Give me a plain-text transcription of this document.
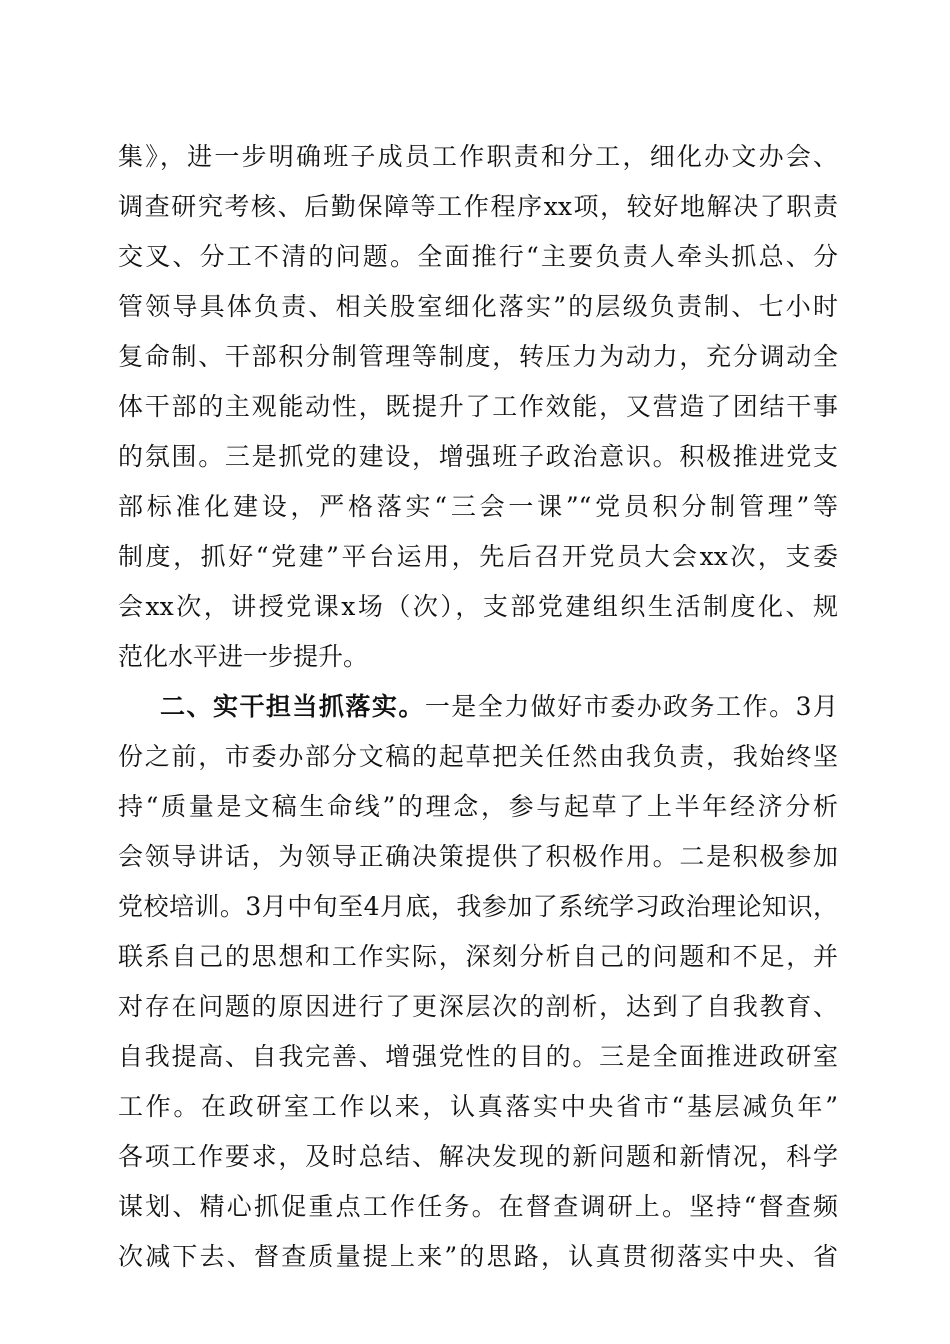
集》，进一步明确班子成员工作职责和分工，细化办文办会、
调查研究考核、后勤保障等工作程序xx项，较好地解决了职责
交叉、分工不清的问题。全面推行“主要负责人牵头抓总、分
管领导具体负责、相关股室细化落实”的层级负责制、七小时
复命制、干部积分制管理等制度，转压力为动力，充分调动全
体干部的主观能动性，既提升了工作效能，又营造了团结干事
的氛围。三是抓党的建设，增强班子政治意识。积极推进党支
部标准化建设，严格落实“三会一课”“党员积分制管理”等
制度，抓好“党建”平台运用，先后召开党员大会xx次，支委
会xx次，讲授党课x场（次），支部党建组织生活制度化、规
范化水平进一步提升。
二、实干担当抓落实。一是全力做好市委办政务工作。3月
份之前，市委办部分文稿的起草把关任然由我负责，我始终坚
持“质量是文稿生命线”的理念，参与起草了上半年经济分析
会领导讲话，为领导正确决策提供了积极作用。二是积极参加
党校培训。3月中旬至4月底，我参加了系统学习政治理论知识，
联系自己的思想和工作实际，深刻分析自己的问题和不足，并
对存在问题的原因进行了更深层次的剖析，达到了自我教育、
自我提高、自我完善、增强党性的目的。三是全面推进政研室
工作。在政研室工作以来，认真落实中央省市“基层减负年”
各项工作要求，及时总结、解决发现的新问题和新情况，科学
谋划、精心抓促重点工作任务。在督查调研上。坚持“督查频
次减下去、督查质量提上来”的思路，认真贯彻落实中央、省
